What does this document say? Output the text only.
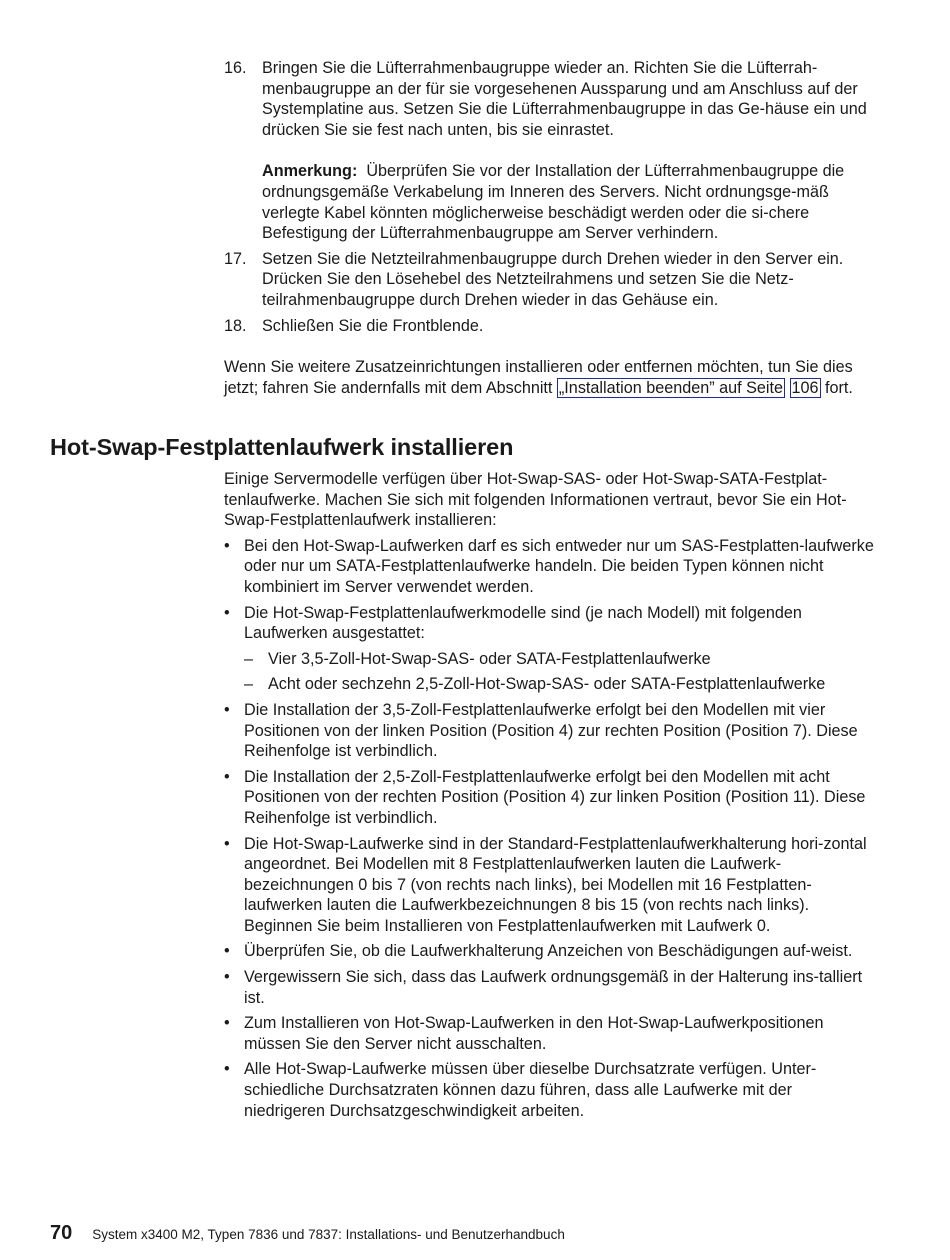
16. Bringen Sie die Lüfterrahmenbaugruppe wieder an. Richten Sie die Lüfterrah-menbaugruppe an der für sie vorgesehenen Aussparung und am Anschluss auf der Systemplatine aus. Setzen Sie die Lüfterrahmenbaugruppe in das Ge-häuse ein und drücken Sie sie fest nach unten, bis sie einrastet.
Anmerkung: Überprüfen Sie vor der Installation der Lüfterrahmenbaugruppe die ordnungsgemäße Verkabelung im Inneren des Servers. Nicht ordnungsge-mäß verlegte Kabel könnten möglicherweise beschädigt werden oder die si-chere Befestigung der Lüfterrahmenbaugruppe am Server verhindern.
17. Setzen Sie die Netzteilrahmenbaugruppe durch Drehen wieder in den Server ein. Drücken Sie den Lösehebel des Netzteilrahmens und setzen Sie die Netz-teilrahmenbaugruppe durch Drehen wieder in das Gehäuse ein.
18. Schließen Sie die Frontblende.
Wenn Sie weitere Zusatzeinrichtungen installieren oder entfernen möchten, tun Sie dies jetzt; fahren Sie andernfalls mit dem Abschnitt „Installation beenden” auf Seite 106 fort.
Hot-Swap-Festplattenlaufwerk installieren
Einige Servermodelle verfügen über Hot-Swap-SAS- oder Hot-Swap-SATA-Festplat-tenlaufwerke. Machen Sie sich mit folgenden Informationen vertraut, bevor Sie ein Hot-Swap-Festplattenlaufwerk installieren:
• Bei den Hot-Swap-Laufwerken darf es sich entweder nur um SAS-Festplatten-laufwerke oder nur um SATA-Festplattenlaufwerke handeln. Die beiden Typen können nicht kombiniert im Server verwendet werden.
• Die Hot-Swap-Festplattenlaufwerkmodelle sind (je nach Modell) mit folgenden Laufwerken ausgestattet:
– Vier 3,5-Zoll-Hot-Swap-SAS- oder SATA-Festplattenlaufwerke
– Acht oder sechzehn 2,5-Zoll-Hot-Swap-SAS- oder SATA-Festplattenlaufwerke
• Die Installation der 3,5-Zoll-Festplattenlaufwerke erfolgt bei den Modellen mit vier Positionen von der linken Position (Position 4) zur rechten Position (Position 7). Diese Reihenfolge ist verbindlich.
• Die Installation der 2,5-Zoll-Festplattenlaufwerke erfolgt bei den Modellen mit acht Positionen von der rechten Position (Position 4) zur linken Position (Position 11). Diese Reihenfolge ist verbindlich.
• Die Hot-Swap-Laufwerke sind in der Standard-Festplattenlaufwerkhalterung hori-zontal angeordnet. Bei Modellen mit 8 Festplattenlaufwerken lauten die Laufwerk-bezeichnungen 0 bis 7 (von rechts nach links), bei Modellen mit 16 Festplatten-laufwerken lauten die Laufwerkbezeichnungen 8 bis 15 (von rechts nach links). Beginnen Sie beim Installieren von Festplattenlaufwerken mit Laufwerk 0.
• Überprüfen Sie, ob die Laufwerkhalterung Anzeichen von Beschädigungen auf-weist.
• Vergewissern Sie sich, dass das Laufwerk ordnungsgemäß in der Halterung ins-talliert ist.
• Zum Installieren von Hot-Swap-Laufwerken in den Hot-Swap-Laufwerkpositionen müssen Sie den Server nicht ausschalten.
• Alle Hot-Swap-Laufwerke müssen über dieselbe Durchsatzrate verfügen. Unter-schiedliche Durchsatzraten können dazu führen, dass alle Laufwerke mit der niedrigeren Durchsatzgeschwindigkeit arbeiten.
70 System x3400 M2, Typen 7836 und 7837: Installations- und Benutzerhandbuch
